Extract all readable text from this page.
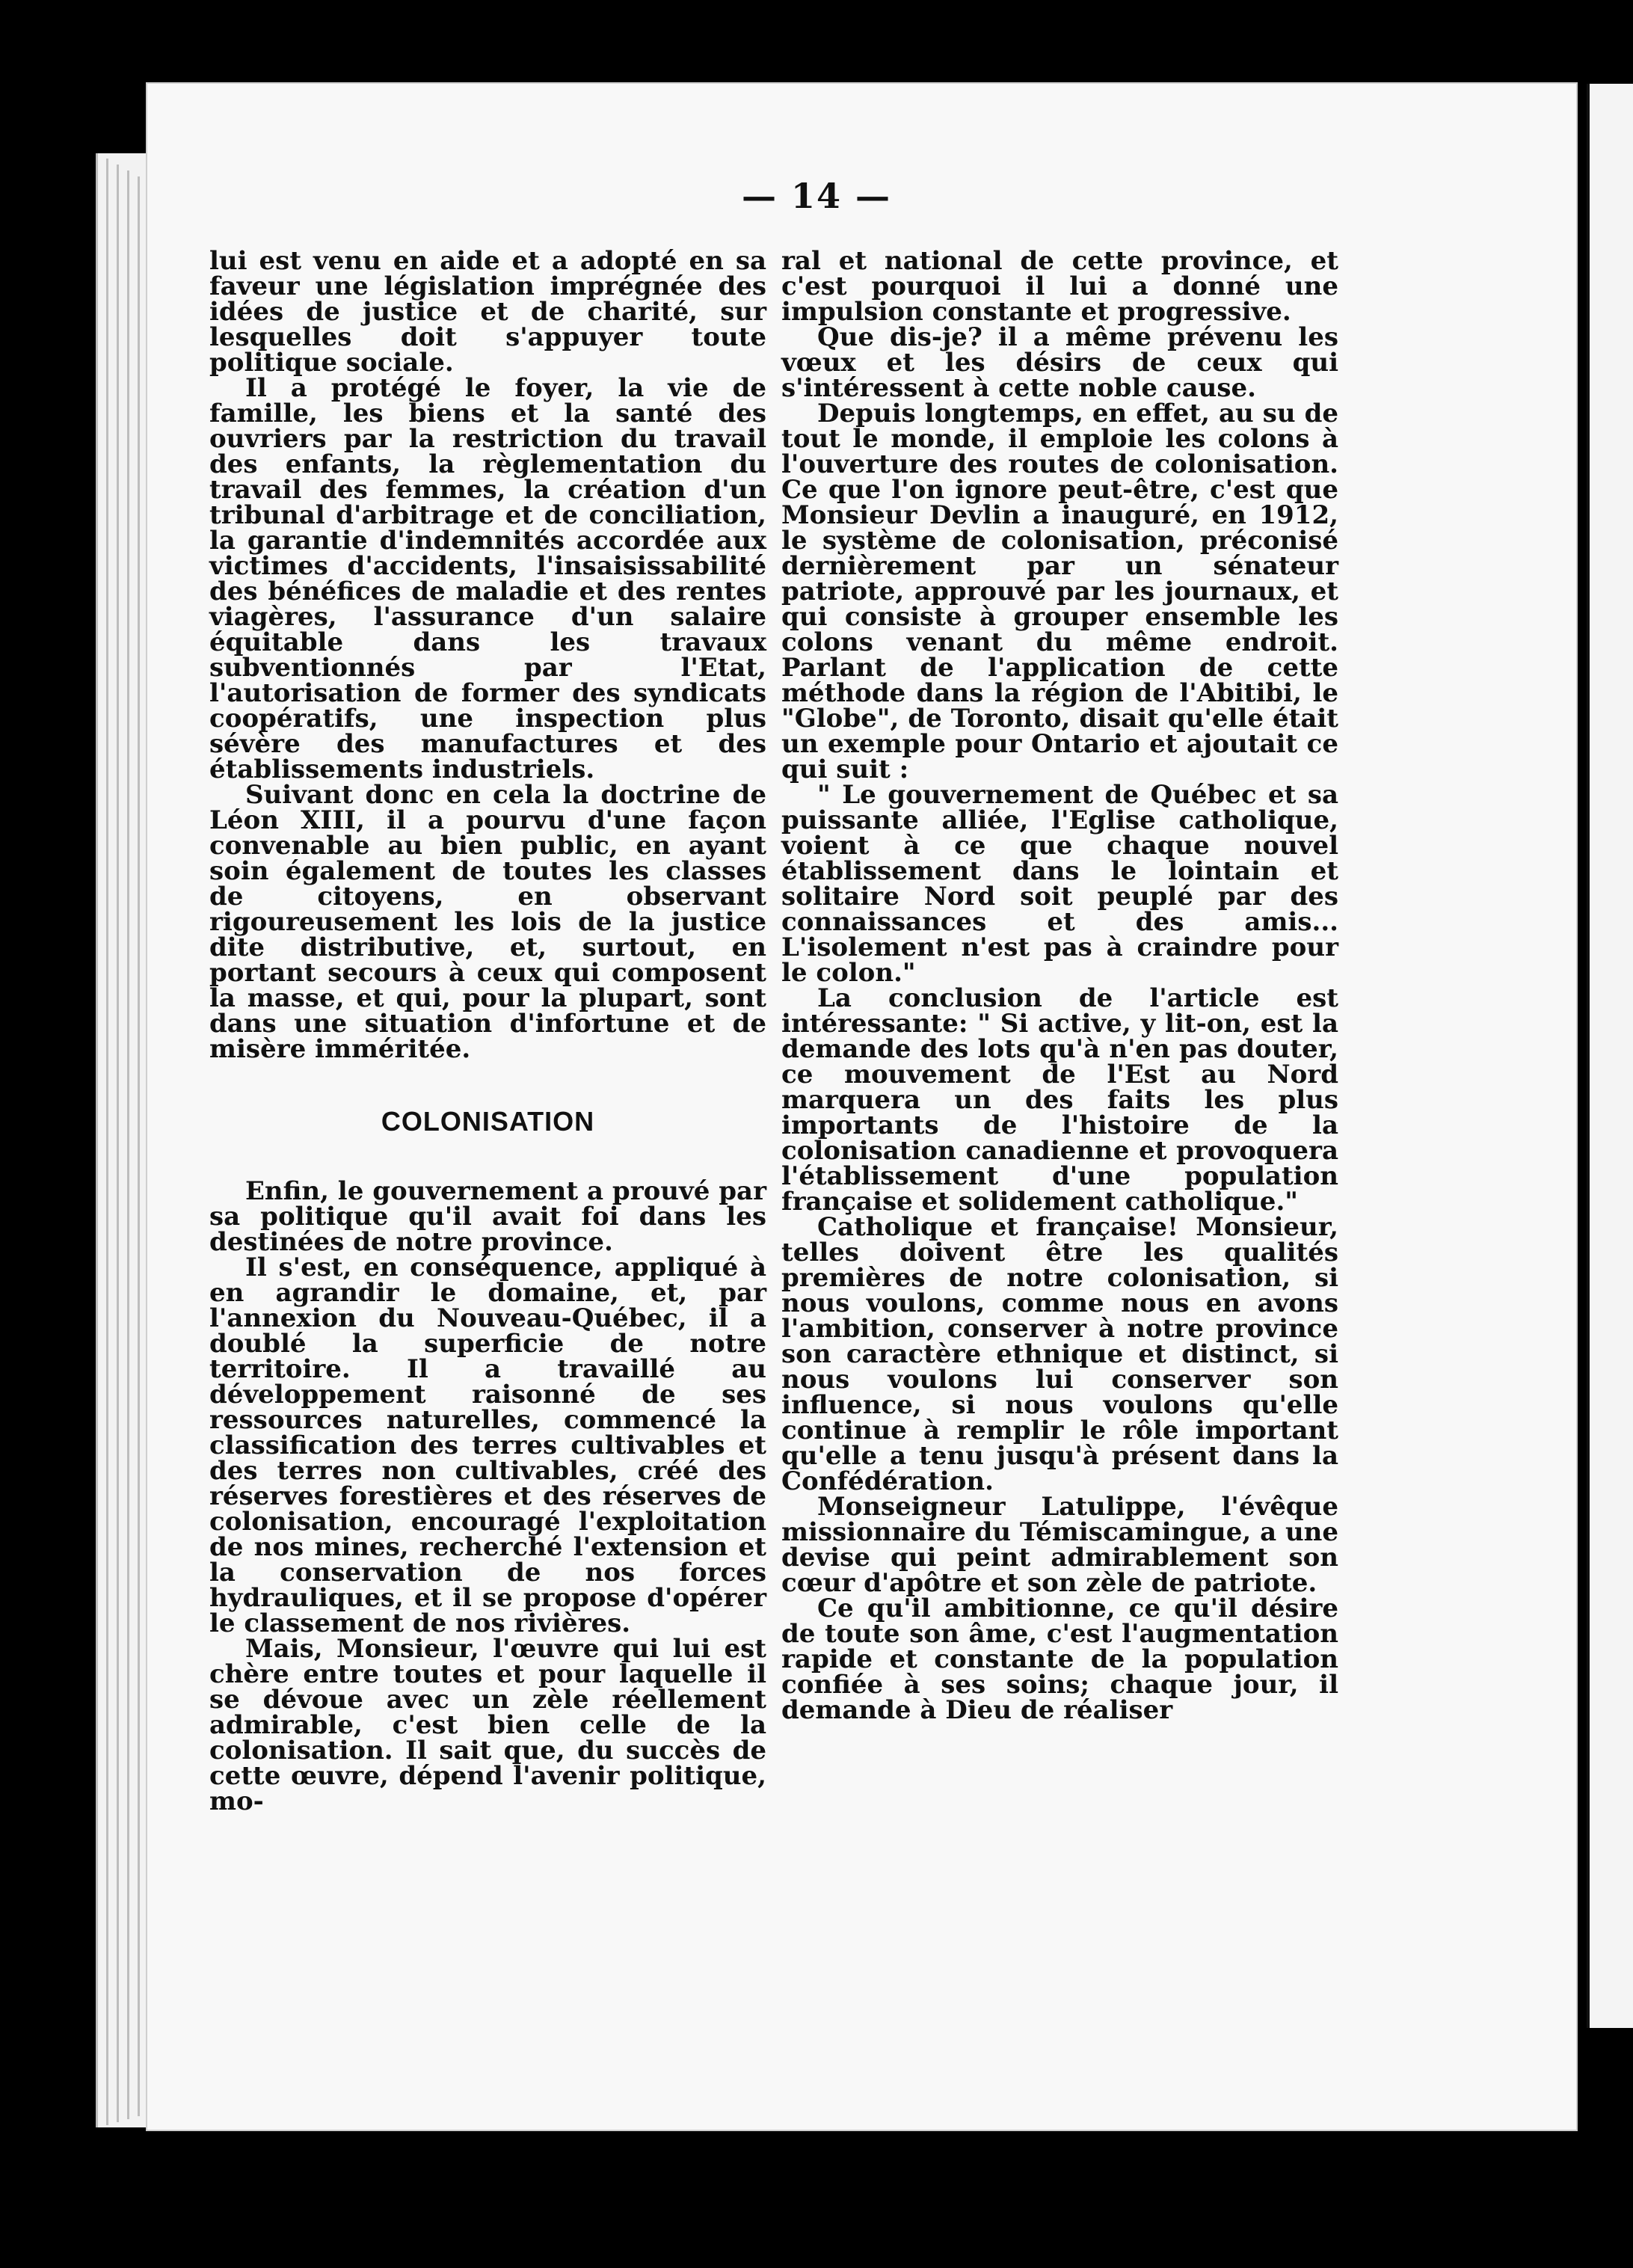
— 14 —

lui est venu en aide et a adopté en sa faveur une législation imprégnée des idées de justice et de charité, sur lesquelles doit s'appuyer toute politique sociale.

Il a protégé le foyer, la vie de famille, les biens et la santé des ouvriers par la restriction du travail des enfants, la règlementation du travail des femmes, la création d'un tribunal d'arbitrage et de conciliation, la garantie d'indemnités accordée aux victimes d'accidents, l'insaisissabilité des bénéfices de maladie et des rentes viagères, l'assurance d'un salaire équitable dans les travaux subventionnés par l'Etat, l'autorisation de former des syndicats coopératifs, une inspection plus sévère des manufactures et des établissements industriels.

Suivant donc en cela la doctrine de Léon XIII, il a pourvu d'une façon convenable au bien public, en ayant soin également de toutes les classes de citoyens, en observant rigoureusement les lois de la justice dite distributive, et, surtout, en portant secours à ceux qui composent la masse, et qui, pour la plupart, sont dans une situation d'infortune et de misère imméritée.

COLONISATION

Enfin, le gouvernement a prouvé par sa politique qu'il avait foi dans les destinées de notre province.

Il s'est, en conséquence, appliqué à en agrandir le domaine, et, par l'annexion du Nouveau-Québec, il a doublé la superficie de notre territoire. Il a travaillé au développement raisonné de ses ressources naturelles, commencé la classification des terres cultivables et des terres non cultivables, créé des réserves forestières et des réserves de colonisation, encouragé l'exploitation de nos mines, recherché l'extension et la conservation de nos forces hydrauliques, et il se propose d'opérer le classement de nos rivières.

Mais, Monsieur, l'œuvre qui lui est chère entre toutes et pour laquelle il se dévoue avec un zèle réellement admirable, c'est bien celle de la colonisation. Il sait que, du succès de cette œuvre, dépend l'avenir politique, mo-

ral et national de cette province, et c'est pourquoi il lui a donné une impulsion constante et progressive.

Que dis-je? il a même prévenu les vœux et les désirs de ceux qui s'intéressent à cette noble cause.

Depuis longtemps, en effet, au su de tout le monde, il emploie les colons à l'ouverture des routes de colonisation. Ce que l'on ignore peut-être, c'est que Monsieur Devlin a inauguré, en 1912, le système de colonisation, préconisé dernièrement par un sénateur patriote, approuvé par les journaux, et qui consiste à grouper ensemble les colons venant du même endroit. Parlant de l'application de cette méthode dans la région de l'Abitibi, le "Globe", de Toronto, disait qu'elle était un exemple pour Ontario et ajoutait ce qui suit :

" Le gouvernement de Québec et sa puissante alliée, l'Eglise catholique, voient à ce que chaque nouvel établissement dans le lointain et solitaire Nord soit peuplé par des connaissances et des amis... L'isolement n'est pas à craindre pour le colon."

La conclusion de l'article est intéressante: " Si active, y lit-on, est la demande des lots qu'à n'en pas douter, ce mouvement de l'Est au Nord marquera un des faits les plus importants de l'histoire de la colonisation canadienne et provoquera l'établissement d'une population française et solidement catholique."

Catholique et française! Monsieur, telles doivent être les qualités premières de notre colonisation, si nous voulons, comme nous en avons l'ambition, conserver à notre province son caractère ethnique et distinct, si nous voulons lui conserver son influence, si nous voulons qu'elle continue à remplir le rôle important qu'elle a tenu jusqu'à présent dans la Confédération.

Monseigneur Latulippe, l'évêque missionnaire du Témiscamingue, a une devise qui peint admirablement son cœur d'apôtre et son zèle de patriote.

Ce qu'il ambitionne, ce qu'il désire de toute son âme, c'est l'augmentation rapide et constante de la population confiée à ses soins; chaque jour, il demande à Dieu de réaliser
